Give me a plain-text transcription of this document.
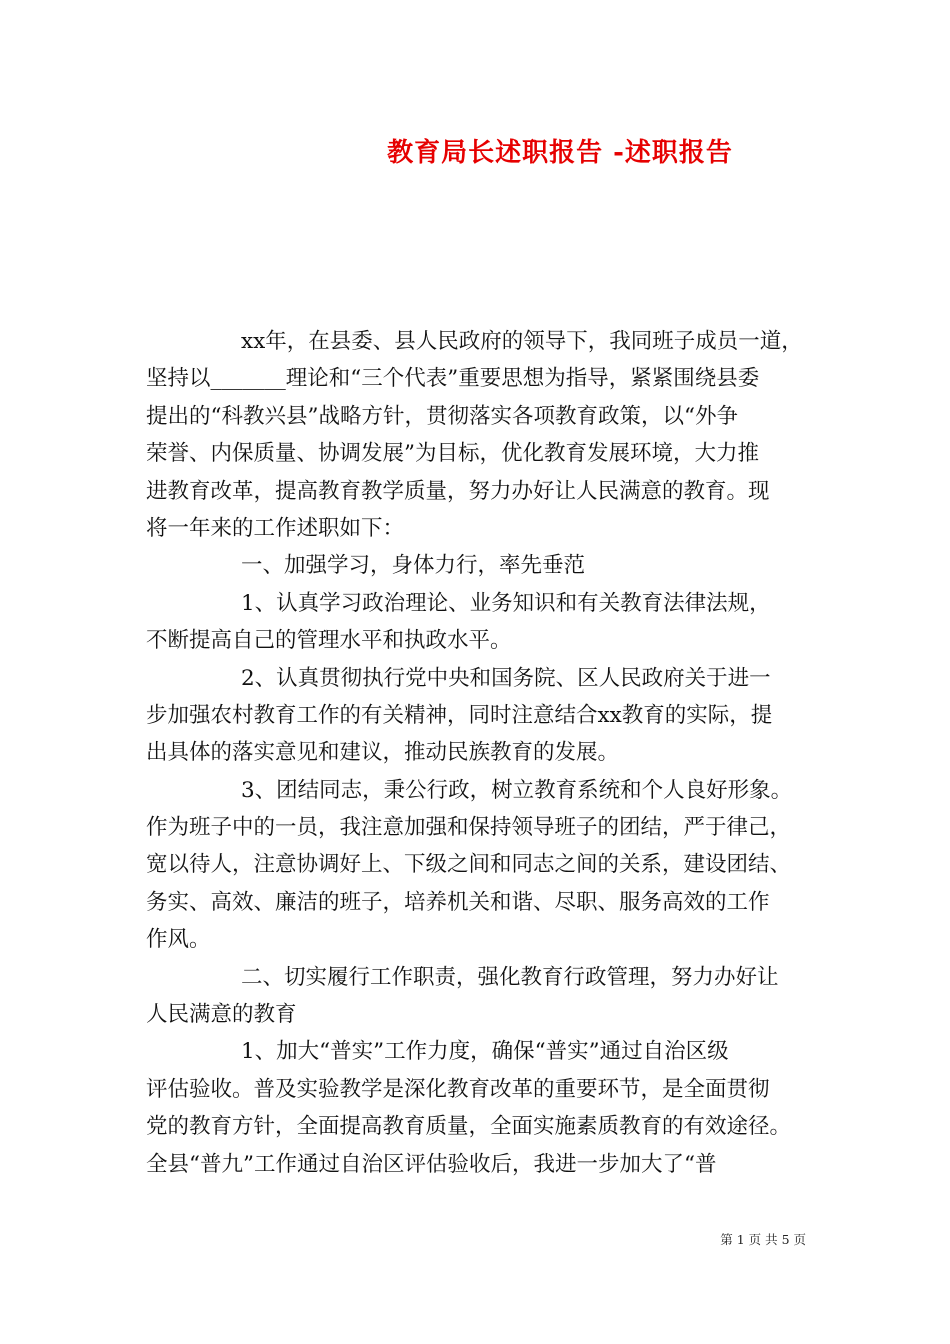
教育局长述职报告 -述职报告
xx年，在县委、县人民政府的领导下，我同班子成员一道，
坚持以_______理论和“三个代表”重要思想为指导，紧紧围绕县委
提出的“科教兴县”战略方针，贯彻落实各项教育政策，以“外争
荣誉、内保质量、协调发展”为目标，优化教育发展环境，大力推
进教育改革，提高教育教学质量，努力办好让人民满意的教育。现
将一年来的工作述职如下：
一、加强学习，身体力行，率先垂范
1、认真学习政治理论、业务知识和有关教育法律法规，
不断提高自己的管理水平和执政水平。
2、认真贯彻执行党中央和国务院、区人民政府关于进一
步加强农村教育工作的有关精神，同时注意结合xx教育的实际，提
出具体的落实意见和建议，推动民族教育的发展。
3、团结同志，秉公行政，树立教育系统和个人良好形象。
作为班子中的一员，我注意加强和保持领导班子的团结，严于律己，
宽以待人，注意协调好上、下级之间和同志之间的关系，建设团结、
务实、高效、廉洁的班子，培养机关和谐、尽职、服务高效的工作
作风。
二、切实履行工作职责，强化教育行政管理，努力办好让
人民满意的教育
1、加大“普实”工作力度，确保“普实”通过自治区级
评估验收。普及实验教学是深化教育改革的重要环节，是全面贯彻
党的教育方针，全面提高教育质量，全面实施素质教育的有效途径。
全县“普九”工作通过自治区评估验收后，我进一步加大了“普
第 1 页 共 5 页
